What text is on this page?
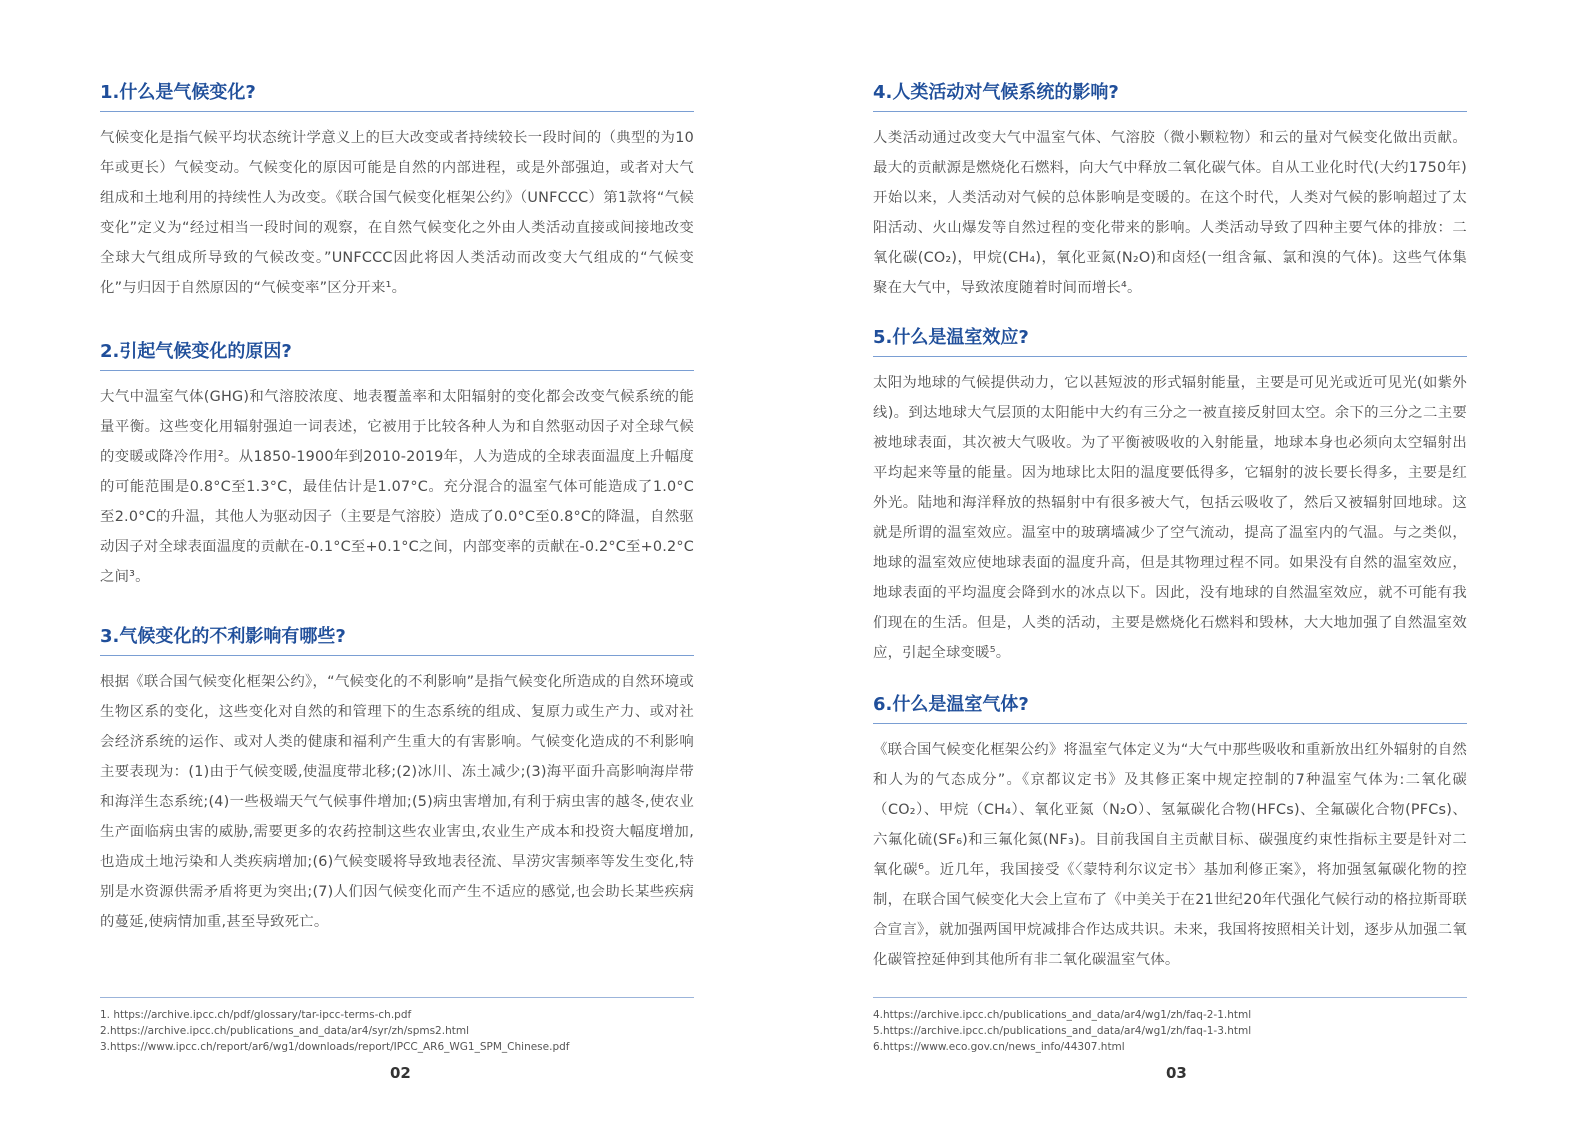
1.什么是气候变化?

气候变化是指气候平均状态统计学意义上的巨大改变或者持续较长一段时间的（典型的为10年或更长）气候变动。气候变化的原因可能是自然的内部进程，或是外部强迫，或者对大气组成和土地利用的持续性人为改变。《联合国气候变化框架公约》（UNFCCC）第1款将“气候变化”定义为“经过相当一段时间的观察，在自然气候变化之外由人类活动直接或间接地改变全球大气组成所导致的气候改变。”UNFCCC因此将因人类活动而改变大气组成的“气候变化”与归因于自然原因的“气候变率”区分开来¹。

2.引起气候变化的原因?

大气中温室气体(GHG)和气溶胶浓度、地表覆盖率和太阳辐射的变化都会改变气候系统的能量平衡。这些变化用辐射强迫一词表述，它被用于比较各种人为和自然驱动因子对全球气候的变暖或降冷作用²。从1850-1900年到2010-2019年，人为造成的全球表面温度上升幅度的可能范围是0.8°C至1.3°C，最佳估计是1.07°C。充分混合的温室气体可能造成了1.0°C至2.0°C的升温，其他人为驱动因子（主要是气溶胶）造成了0.0°C至0.8°C的降温，自然驱动因子对全球表面温度的贡献在-0.1°C至+0.1°C之间，内部变率的贡献在-0.2°C至+0.2°C之间³。

3.气候变化的不利影响有哪些?

根据《联合国气候变化框架公约》，“气候变化的不利影响”是指气候变化所造成的自然环境或生物区系的变化，这些变化对自然的和管理下的生态系统的组成、复原力或生产力、或对社会经济系统的运作、或对人类的健康和福利产生重大的有害影响。气候变化造成的不利影响主要表现为：(1)由于气候变暖,使温度带北移;(2)冰川、冻土减少;(3)海平面升高影响海岸带和海洋生态系统;(4)一些极端天气气候事件增加;(5)病虫害增加,有利于病虫害的越冬,使农业生产面临病虫害的威胁,需要更多的农药控制这些农业害虫,农业生产成本和投资大幅度增加,也造成土地污染和人类疾病增加;(6)气候变暖将导致地表径流、旱涝灾害频率等发生变化,特别是水资源供需矛盾将更为突出;(7)人们因气候变化而产生不适应的感觉,也会助长某些疾病的蔓延,使病情加重,甚至导致死亡。

1. https://archive.ipcc.ch/pdf/glossary/tar-ipcc-terms-ch.pdf
2.https://archive.ipcc.ch/publications_and_data/ar4/syr/zh/spms2.html
3.https://www.ipcc.ch/report/ar6/wg1/downloads/report/IPCC_AR6_WG1_SPM_Chinese.pdf
02
4.人类活动对气候系统的影响?

人类活动通过改变大气中温室气体、气溶胶（微小颗粒物）和云的量对气候变化做出贡献。最大的贡献源是燃烧化石燃料，向大气中释放二氧化碳气体。自从工业化时代(大约1750年)开始以来，人类活动对气候的总体影响是变暖的。在这个时代，人类对气候的影响超过了太阳活动、火山爆发等自然过程的变化带来的影响。人类活动导致了四种主要气体的排放：二氧化碳(CO₂)，甲烷(CH₄)，氧化亚氮(N₂O)和卤烃(一组含氟、氯和溴的气体)。这些气体集聚在大气中，导致浓度随着时间而增长⁴。

5.什么是温室效应?

太阳为地球的气候提供动力，它以甚短波的形式辐射能量，主要是可见光或近可见光(如紫外线)。到达地球大气层顶的太阳能中大约有三分之一被直接反射回太空。余下的三分之二主要被地球表面，其次被大气吸收。为了平衡被吸收的入射能量，地球本身也必须向太空辐射出平均起来等量的能量。因为地球比太阳的温度要低得多，它辐射的波长要长得多，主要是红外光。陆地和海洋释放的热辐射中有很多被大气，包括云吸收了，然后又被辐射回地球。这就是所谓的温室效应。温室中的玻璃墙减少了空气流动，提高了温室内的气温。与之类似，地球的温室效应使地球表面的温度升高，但是其物理过程不同。如果没有自然的温室效应，地球表面的平均温度会降到水的冰点以下。因此，没有地球的自然温室效应，就不可能有我们现在的生活。但是，人类的活动，主要是燃烧化石燃料和毁林，大大地加强了自然温室效应，引起全球变暖⁵。

6.什么是温室气体?

《联合国气候变化框架公约》将温室气体定义为“大气中那些吸收和重新放出红外辐射的自然和人为的气态成分”。《京都议定书》及其修正案中规定控制的7种温室气体为:二氧化碳（CO₂）、甲烷（CH₄）、氧化亚氮（N₂O）、氢氟碳化合物(HFCs)、全氟碳化合物(PFCs)、六氟化硫(SF₆)和三氟化氮(NF₃)。目前我国自主贡献目标、碳强度约束性指标主要是针对二氧化碳⁶。近几年，我国接受《〈蒙特利尔议定书〉基加利修正案》，将加强氢氟碳化物的控制，在联合国气候变化大会上宣布了《中美关于在21世纪20年代强化气候行动的格拉斯哥联合宣言》，就加强两国甲烷减排合作达成共识。未来，我国将按照相关计划，逐步从加强二氧化碳管控延伸到其他所有非二氧化碳温室气体。

4.https://archive.ipcc.ch/publications_and_data/ar4/wg1/zh/faq-2-1.html
5.https://archive.ipcc.ch/publications_and_data/ar4/wg1/zh/faq-1-3.html
6.https://www.eco.gov.cn/news_info/44307.html
03
